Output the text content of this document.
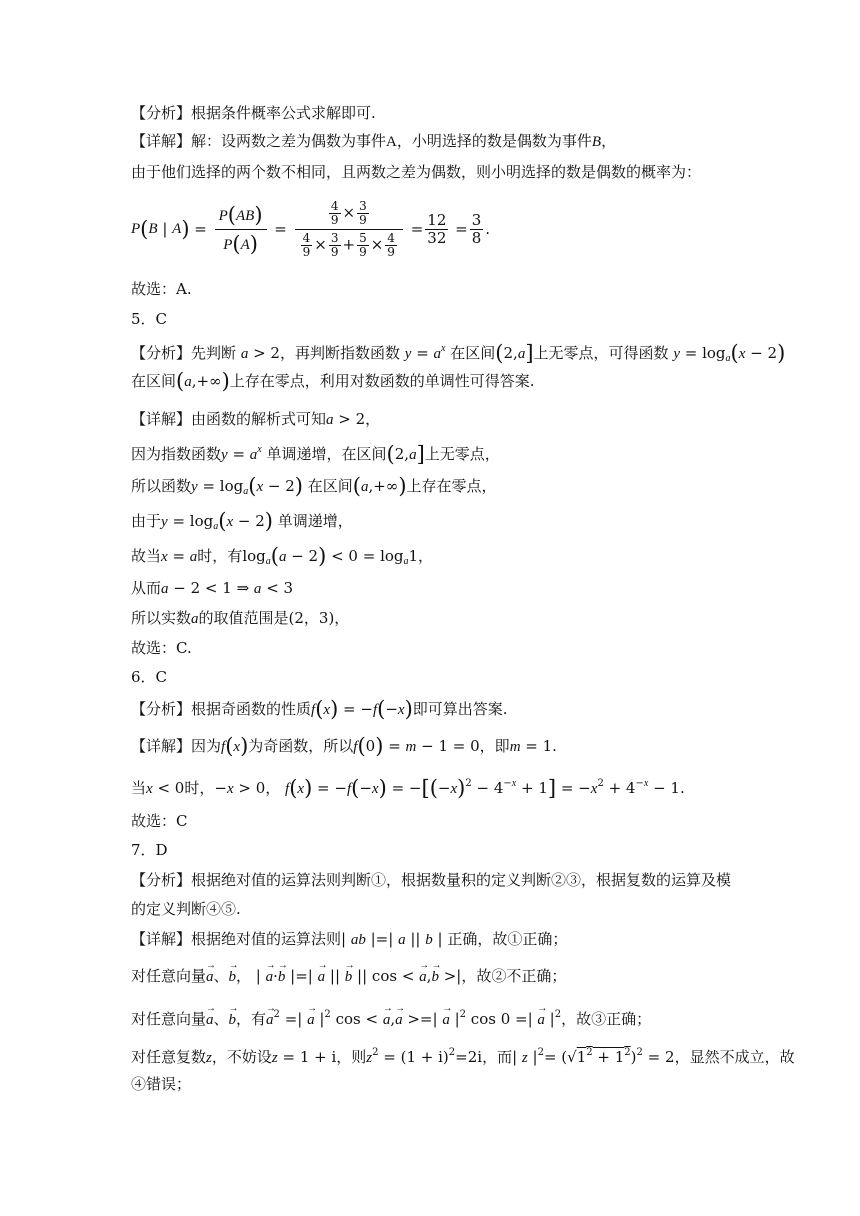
【分析】根据条件概率公式求解即可.
【详解】解：设两数之差为偶数为事件A，小明选择的数是偶数为事件B，
由于他们选择的两个数不相同，且两数之差为偶数，则小明选择的数是偶数的概率为：
P ( B | A ) = $\frac{P(AB)}{P(A)} = \frac{\frac{4}{9} \times \frac{3}{9}}{\frac{4}{9} \times \frac{3}{9} + \frac{5}{9} \times \frac{4}{9}} = \frac{12}{32} = \frac{3}{8}$ .
故选：A.
5．C
【分析】先判断 a > 2，再判断指数函数 $y = a^x$ 在区间(2,a]上无零点，可得函数 $y = \log_a(x - 2)$
在区间(a,+∞)上存在零点，利用对数函数的单调性可得答案.
【详解】由函数的解析式可知a > 2，
因为指数函数$y = a^x$ 单调递增，在区间(2,a]上无零点，
所以函数$y = \log_a(x - 2)$ 在区间(a,+∞)上存在零点，
由于$y = \log_a(x - 2)$ 单调递增，
故当x = a时，有$\log_a(a - 2) < 0 = \log_a1$，
从而a − 2 < 1 ⇒ a < 3
所以实数a的取值范围是(2，3)，
故选：C.
6．C
【分析】根据奇函数的性质f(x) = −f(−x)即可算出答案.
【详解】因为f(x)为奇函数，所以f(0) = m − 1 = 0，即m = 1.
当x < 0时，−x > 0， $f(x) = -f(-x) = -[(-x)^2 - 4^{-x} + 1] = -x^2 + 4^{-x} - 1$.
故选：C
7．D
【分析】根据绝对值的运算法则判断①，根据数量积的定义判断②③，根据复数的运算及模
的定义判断④⑤.
【详解】根据绝对值的运算法则| ab |=| a || b | 正确，故①正确；
对任意向量→ a、→ b， | → a·→ b |=| → a || → b || cos < → a,→ b >|，故②不正确；
对任意向量→ a、→ b，有→ $a^2$ =| → a $|^2$ cos < → a,→ a >=| → a $|^2$ cos 0 =| → a $|^2$，故③正确；
对任意复数z，不妨设z = 1 + i，则$z^2 = (1 + i)^2=2i$，而| z $|^2= (√1^2 + 1^2)^2 = 2$，显然不成立，故
④错误；
